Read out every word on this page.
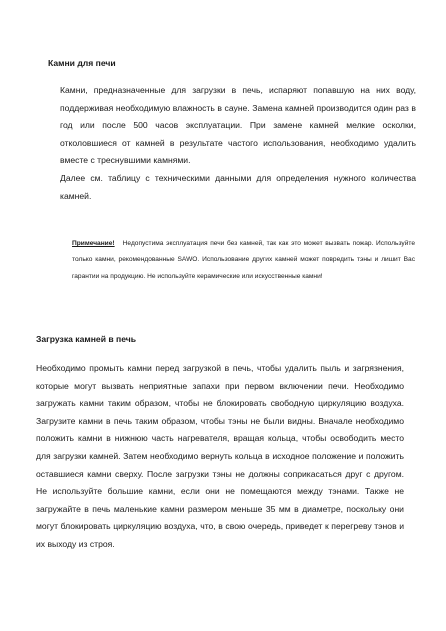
Камни для печи

Камни, предназначенные для загрузки в печь, испаряют попавшую на них воду, поддерживая необходимую влажность в сауне. Замена камней производится один раз в год или после 500 часов эксплуатации. При замене камней мелкие осколки, отколовшиеся от камней в результате частого использования, необходимо удалить вместе с треснувшими камнями.

Далее см. таблицу с техническими данными для определения нужного количества камней.

Примечание! Недопустима эксплуатация печи без камней, так как это может вызвать пожар. Используйте только камни, рекомендованные SAWO. Использование других камней может повредить тэны и лишит Вас гарантии на продукцию. Не используйте керамические или искусственные камни!
Загрузка камней в печь

Необходимо промыть камни перед загрузкой в печь, чтобы удалить пыль и загрязнения, которые могут вызвать неприятные запахи при первом включении печи. Необходимо загружать камни таким образом, чтобы не блокировать свободную циркуляцию воздуха. Загрузите камни в печь таким образом, чтобы тэны не были видны. Вначале необходимо положить камни в нижнюю часть нагревателя, вращая кольца, чтобы освободить место для загрузки камней. Затем необходимо вернуть кольца в исходное положение и положить оставшиеся камни сверху. После загрузки тэны не должны соприкасаться друг с другом. Не используйте большие камни, если они не помещаются между тэнами. Также не загружайте в печь маленькие камни размером меньше 35 мм в диаметре, поскольку они могут блокировать циркуляцию воздуха, что, в свою очередь, приведет к перегреву тэнов и их выходу из строя.
